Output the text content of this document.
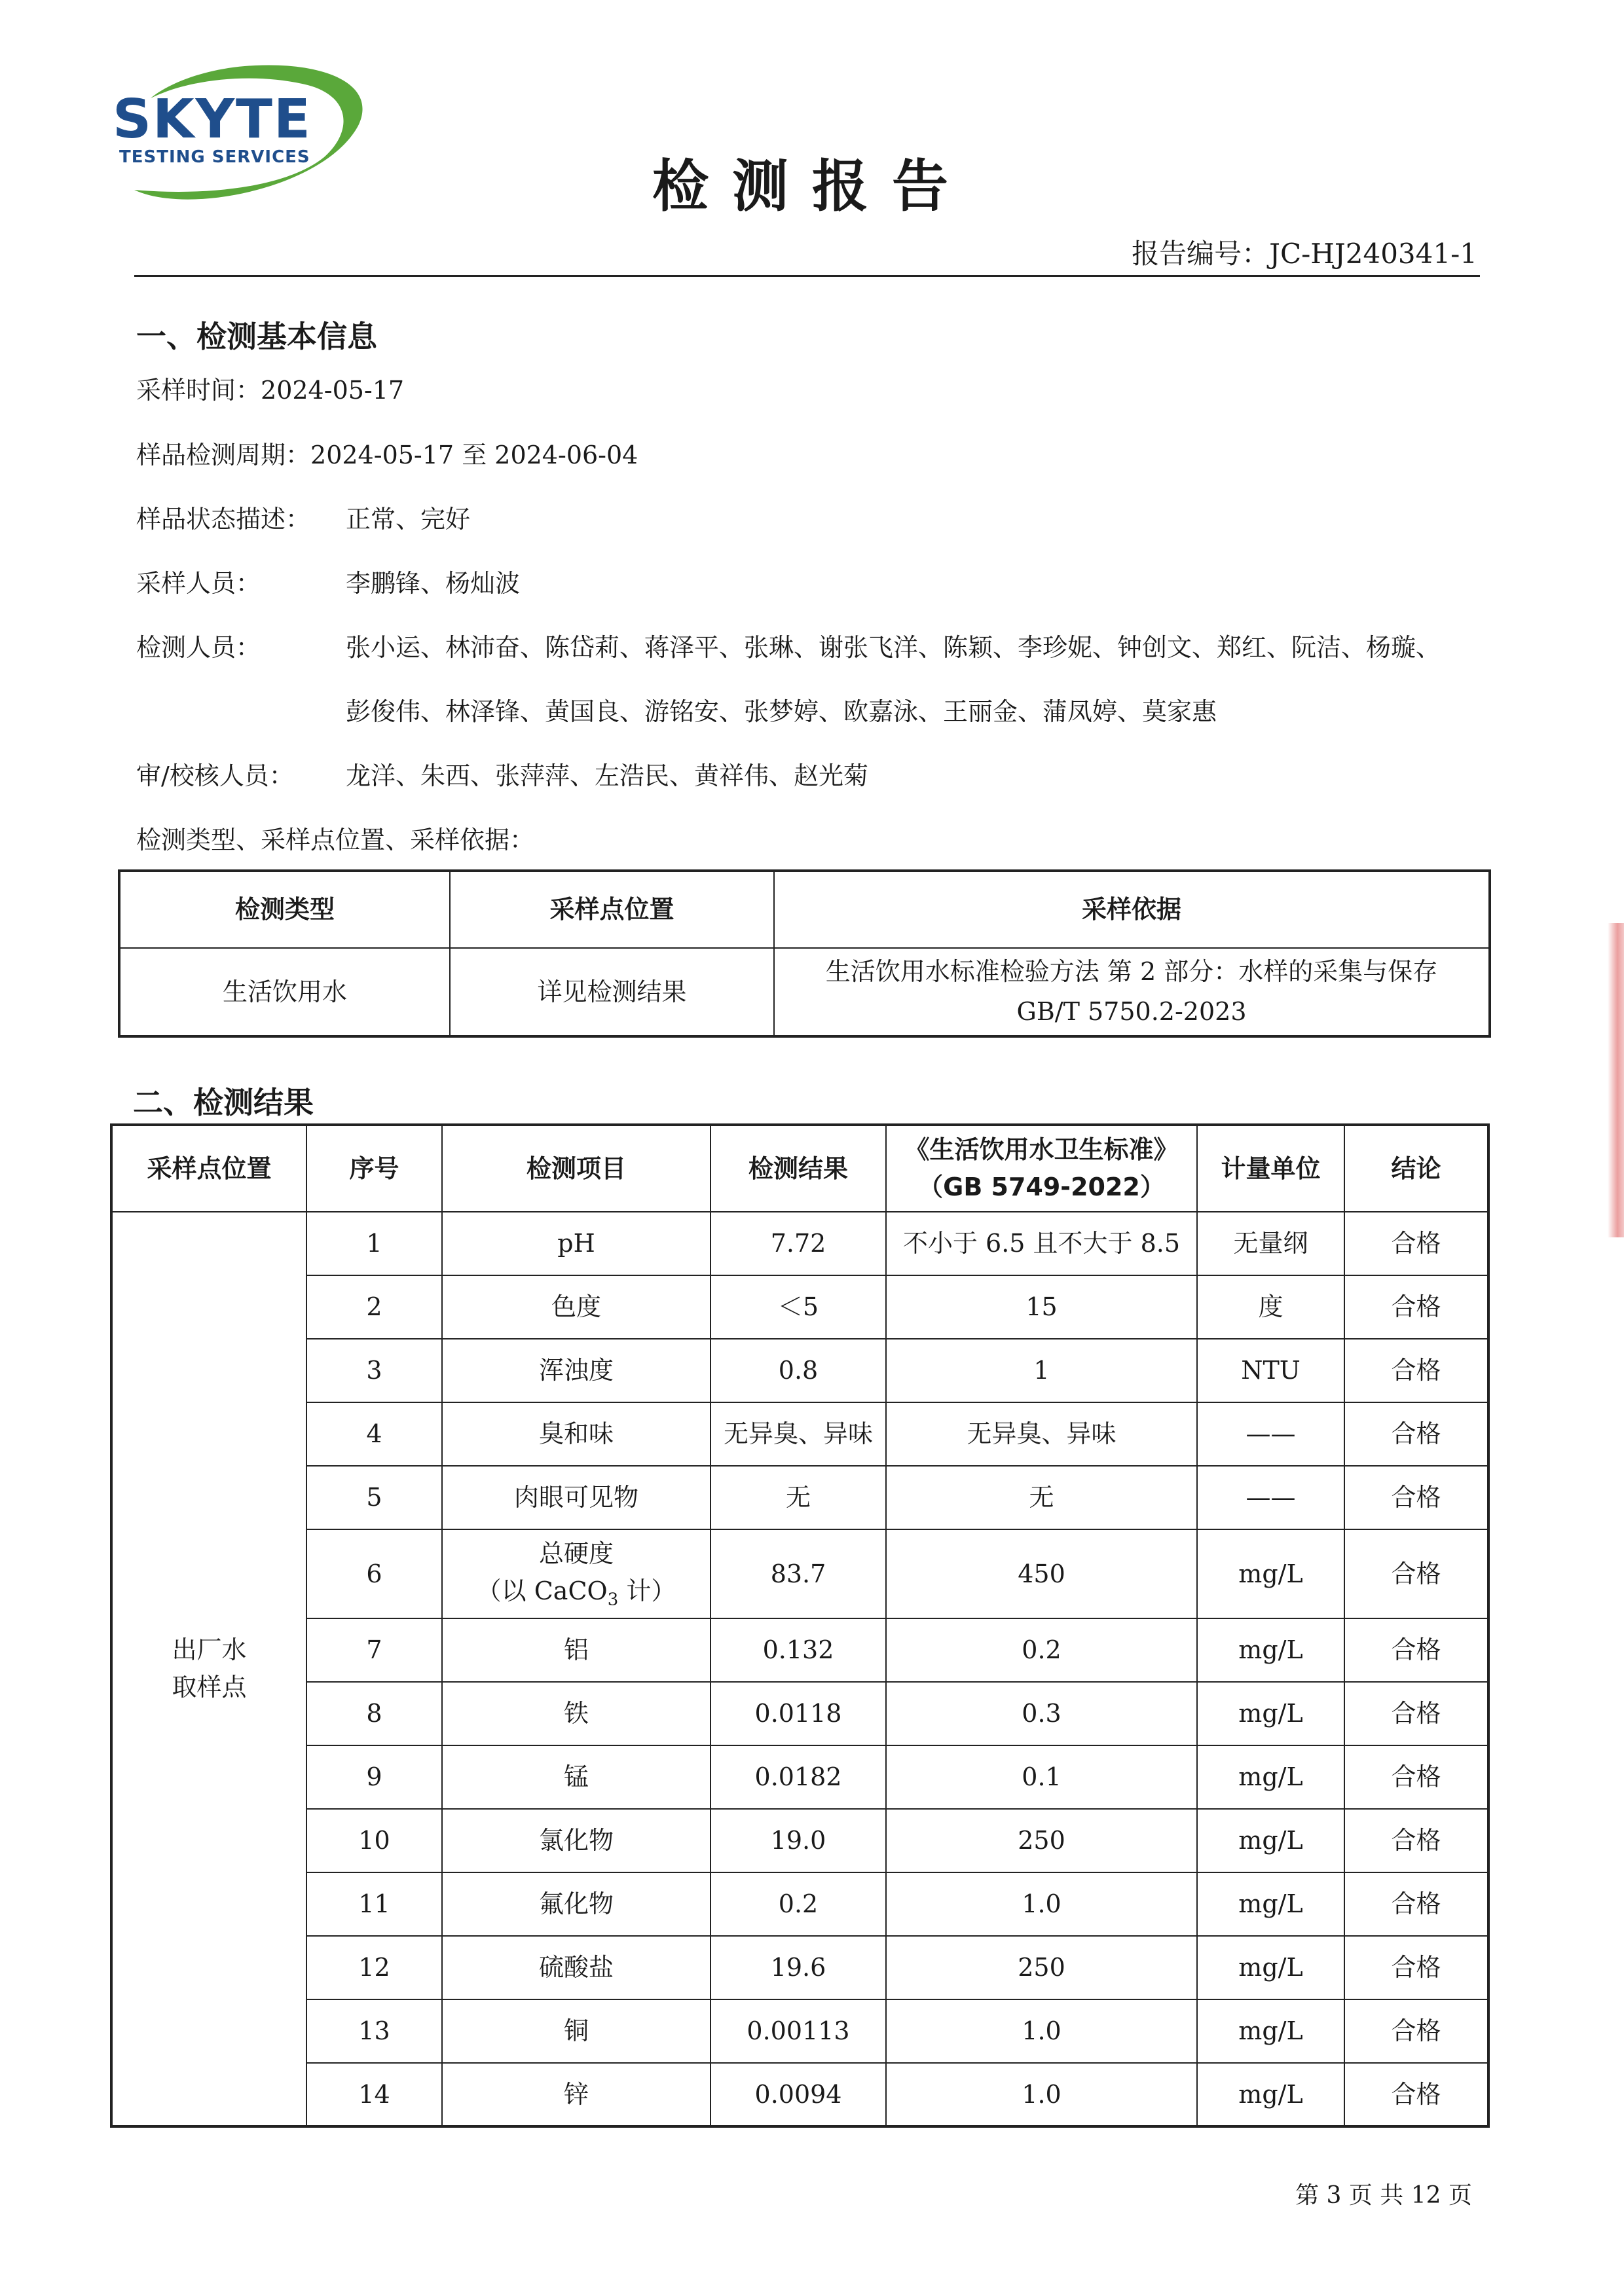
SKYTE
TESTING SERVICES	检测报告
报告编号：JC-HJ240341-1
一、检测基本信息
采样时间：2024-05-17
样品检测周期：2024-05-17 至 2024-06-04
样品状态描述： 正常、完好
采样人员：	李鹏锋、杨灿波
检测人员：	张小运、林沛奋、陈岱莉、蒋泽平、张琳、谢张飞洋、陈颖、李珍妮、钟创文、郑红、阮洁、杨璇、
彭俊伟、林泽锋、黄国良、游铭安、张梦婷、欧嘉泳、王丽金、蒲凤婷、莫家惠
审/校核人员： 龙洋、朱西、张萍萍、左浩民、黄祥伟、赵光菊
检测类型、采样点位置、采样依据：
检测类型	采样点位置	采样依据
生活饮用水	详见检测结果	生活饮用水标准检验方法 第 2 部分：水样的采集与保存
GB/T 5750.2-2023
二、检测结果
采样点位置	序号	检测项目	检测结果	《生活饮用水卫生标准》
（GB 5749-2022）	计量单位	结论

出厂水
取样点	1	pH	7.72	不小于 6.5 且不大于 8.5	无量纲	合格
	2	色度	＜5	15	度	合格
	3	浑浊度	0.8	1	NTU	合格
	4	臭和味	无异臭、异味	无异臭、异味	——	合格
	5	肉眼可见物	无	无	——	合格
	6	总硬度
（以 CaCO$_3$ 计）	83.7	450	mg/L	合格
	7	铝	0.132	0.2	mg/L	合格
	8	铁	0.0118	0.3	mg/L	合格
	9	锰	0.0182	0.1	mg/L	合格
	10	氯化物	19.0	250	mg/L	合格
	11	氟化物	0.2	1.0	mg/L	合格
	12	硫酸盐	19.6	250	mg/L	合格
	13	铜	0.00113	1.0	mg/L	合格
	14	锌	0.0094	1.0	mg/L	合格
第 3 页 共 12 页
